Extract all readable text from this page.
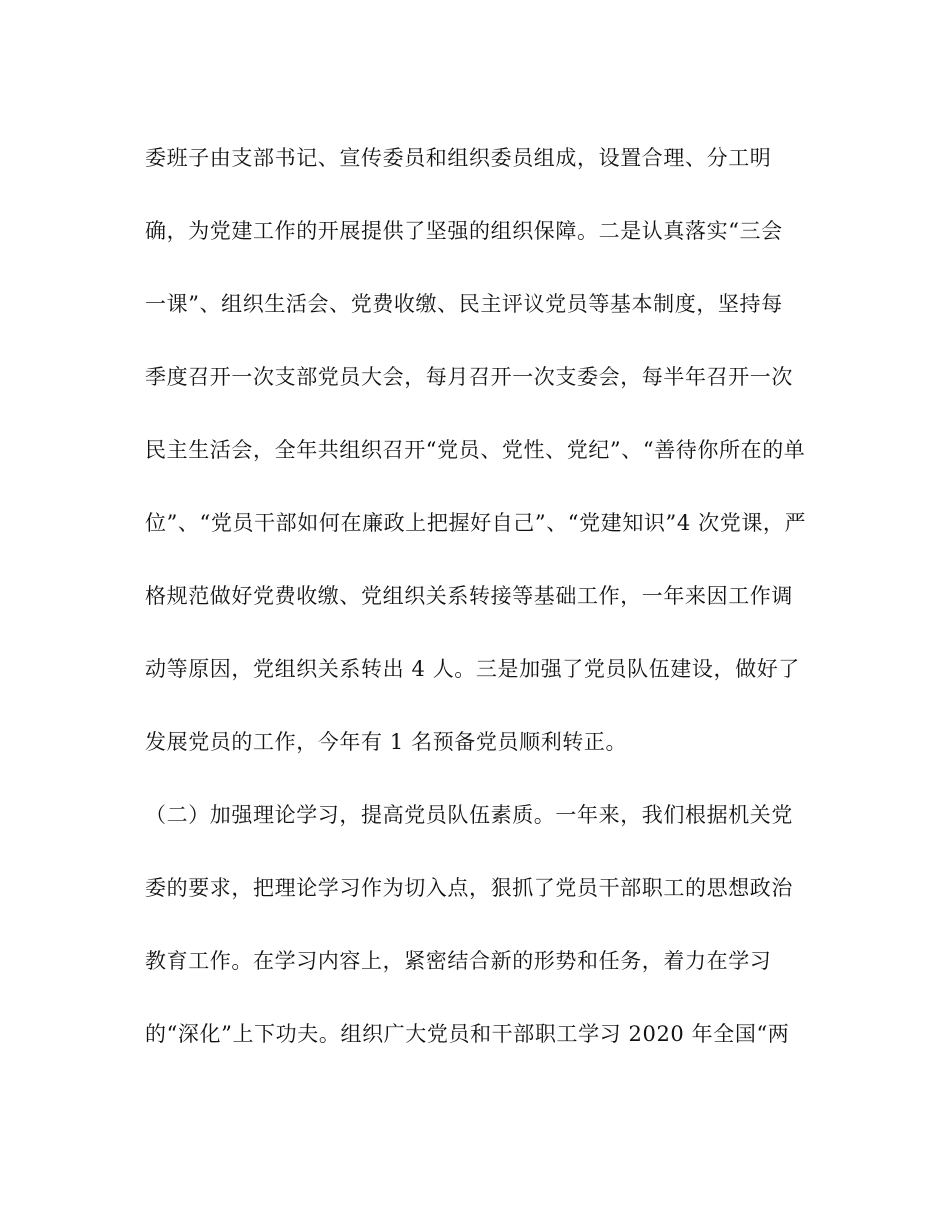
委班子由支部书记、宣传委员和组织委员组成，设置合理、分工明
确，为党建工作的开展提供了坚强的组织保障。二是认真落实“三会
一课”、组织生活会、党费收缴、民主评议党员等基本制度，坚持每
季度召开一次支部党员大会，每月召开一次支委会，每半年召开一次
民主生活会，全年共组织召开“党员、党性、党纪”、“善待你所在的单
位”、“党员干部如何在廉政上把握好自己”、“党建知识”4 次党课，严
格规范做好党费收缴、党组织关系转接等基础工作，一年来因工作调
动等原因，党组织关系转出 4 人。三是加强了党员队伍建设，做好了
发展党员的工作，今年有 1 名预备党员顺利转正。
（二）加强理论学习，提高党员队伍素质。一年来，我们根据机关党
委的要求，把理论学习作为切入点，狠抓了党员干部职工的思想政治
教育工作。在学习内容上，紧密结合新的形势和任务，着力在学习
的“深化”上下功夫。组织广大党员和干部职工学习 2020 年全国“两
